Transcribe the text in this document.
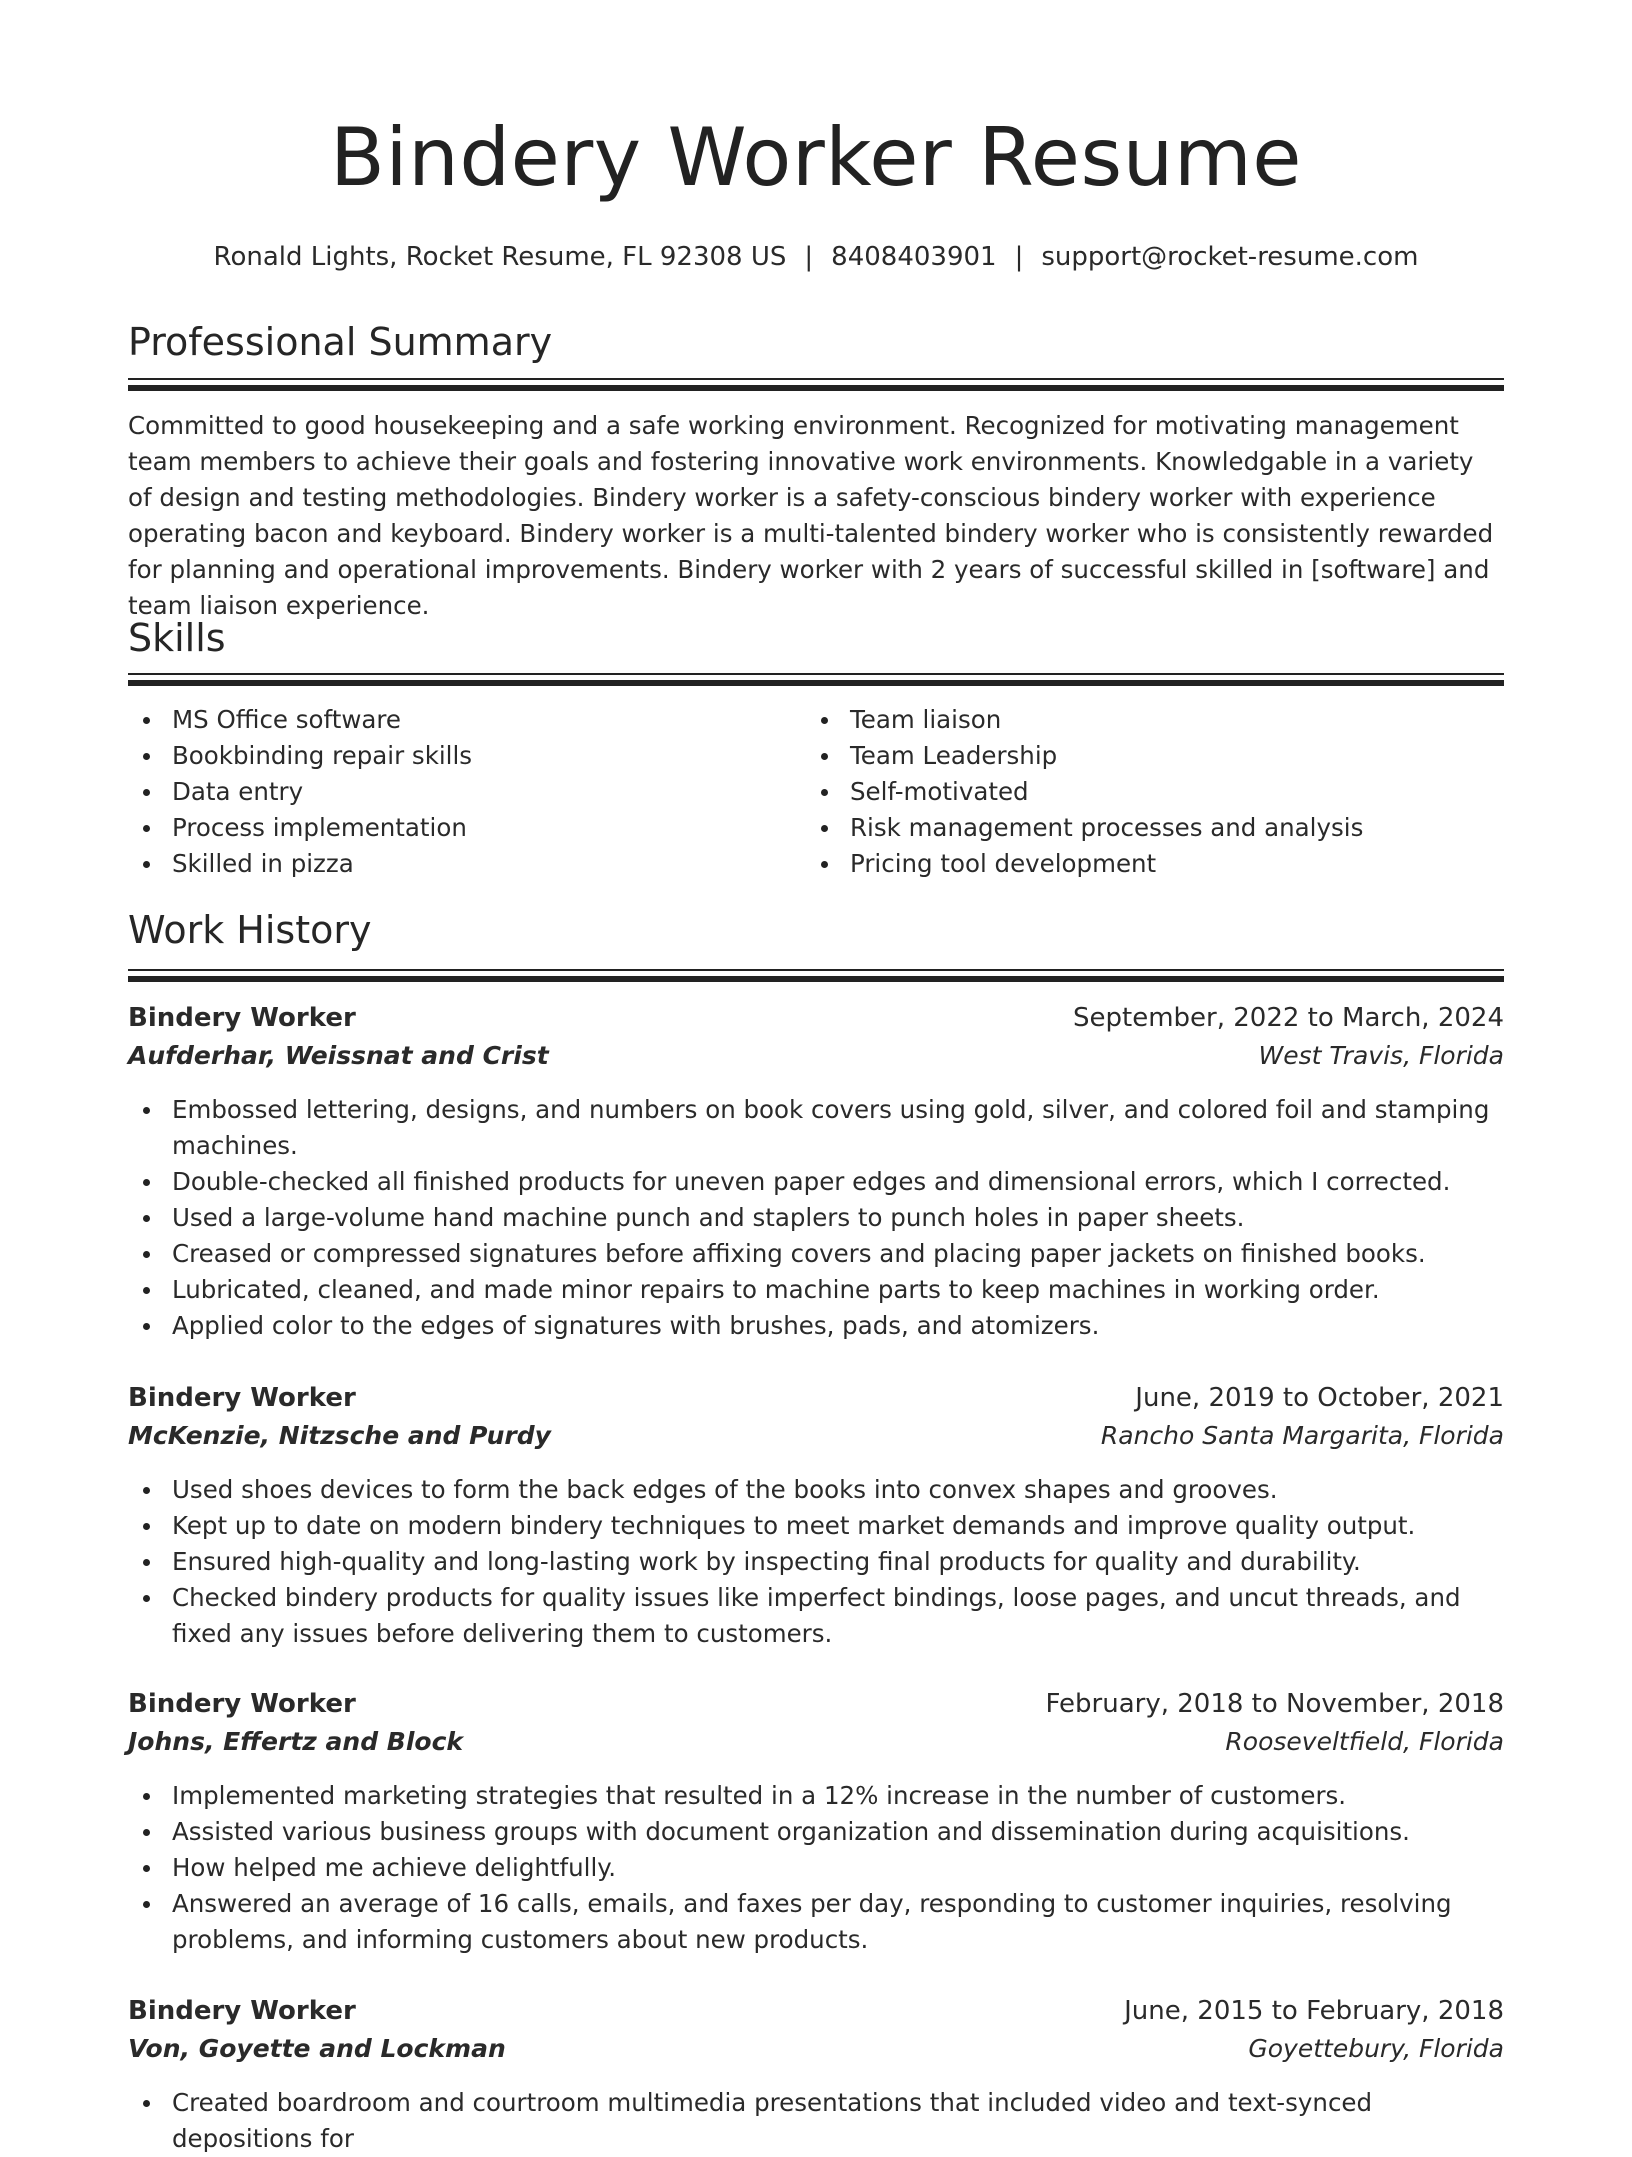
Bindery Worker Resume
Ronald Lights, Rocket Resume, FL 92308 US | 8408403901 | support@rocket-resume.com
Professional Summary
Committed to good housekeeping and a safe working environment. Recognized for motivating management team members to achieve their goals and fostering innovative work environments. Knowledgable in a variety of design and testing methodologies. Bindery worker is a safety-conscious bindery worker with experience operating bacon and keyboard. Bindery worker is a multi-talented bindery worker who is consistently rewarded for planning and operational improvements. Bindery worker with 2 years of successful skilled in [software] and team liaison experience.
Skills
MS Office software
Bookbinding repair skills
Data entry
Process implementation
Skilled in pizza
Team liaison
Team Leadership
Self-motivated
Risk management processes and analysis
Pricing tool development
Work History
Bindery Worker	September, 2022 to March, 2024
Aufderhar, Weissnat and Crist	West Travis, Florida
Embossed lettering, designs, and numbers on book covers using gold, silver, and colored foil and stamping machines.
Double-checked all finished products for uneven paper edges and dimensional errors, which I corrected.
Used a large-volume hand machine punch and staplers to punch holes in paper sheets.
Creased or compressed signatures before affixing covers and placing paper jackets on finished books.
Lubricated, cleaned, and made minor repairs to machine parts to keep machines in working order.
Applied color to the edges of signatures with brushes, pads, and atomizers.
Bindery Worker	June, 2019 to October, 2021
McKenzie, Nitzsche and Purdy	Rancho Santa Margarita, Florida
Used shoes devices to form the back edges of the books into convex shapes and grooves.
Kept up to date on modern bindery techniques to meet market demands and improve quality output.
Ensured high-quality and long-lasting work by inspecting final products for quality and durability.
Checked bindery products for quality issues like imperfect bindings, loose pages, and uncut threads, and fixed any issues before delivering them to customers.
Bindery Worker	February, 2018 to November, 2018
Johns, Effertz and Block	Rooseveltfield, Florida
Implemented marketing strategies that resulted in a 12% increase in the number of customers.
Assisted various business groups with document organization and dissemination during acquisitions.
How helped me achieve delightfully.
Answered an average of 16 calls, emails, and faxes per day, responding to customer inquiries, resolving problems, and informing customers about new products.
Bindery Worker	June, 2015 to February, 2018
Von, Goyette and Lockman	Goyettebury, Florida
Created boardroom and courtroom multimedia presentations that included video and text-synced depositions for
